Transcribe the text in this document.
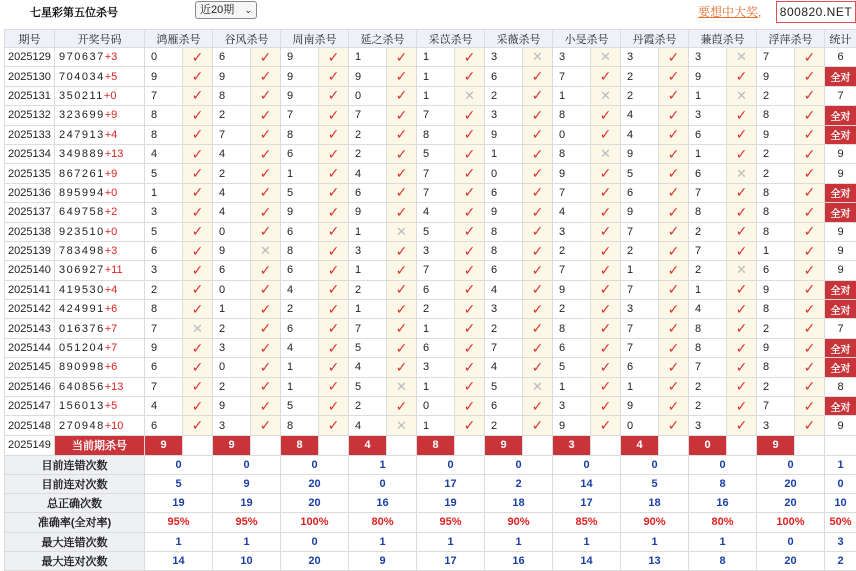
七星彩第五位杀号	近20期 ⌄	要想中大奖,	800820.NET
期号	开奖号码	鸿雁杀号		谷风杀号		周南杀号		延之杀号		采苡杀号		采薇杀号		小旻杀号		丹霞杀号		蒹葭杀号		浮萍杀号		统计
2025129	970637+3	0	✓	6	✓	9	✓	1	✓	1	✓	3	✕	3	✕	3	✓	3	✕	7	✓	6
2025130	704034+5	9	✓	9	✓	9	✓	9	✓	1	✓	6	✓	7	✓	2	✓	9	✓	9	✓	全对
2025131	350211+0	7	✓	8	✓	9	✓	0	✓	1	✕	2	✓	1	✕	2	✓	1	✕	2	✓	7
2025132	323699+9	8	✓	2	✓	7	✓	7	✓	7	✓	3	✓	8	✓	4	✓	3	✓	8	✓	全对
2025133	247913+4	8	✓	7	✓	8	✓	2	✓	8	✓	9	✓	0	✓	4	✓	6	✓	9	✓	全对
2025134	349889+13	4	✓	4	✓	6	✓	2	✓	5	✓	1	✓	8	✕	9	✓	1	✓	2	✓	9
2025135	867261+9	5	✓	2	✓	1	✓	4	✓	7	✓	0	✓	9	✓	5	✓	6	✕	2	✓	9
2025136	895994+0	1	✓	4	✓	5	✓	6	✓	7	✓	6	✓	7	✓	6	✓	7	✓	8	✓	全对
2025137	649758+2	3	✓	4	✓	9	✓	9	✓	4	✓	9	✓	4	✓	9	✓	8	✓	8	✓	全对
2025138	923510+0	5	✓	0	✓	6	✓	1	✕	5	✓	8	✓	3	✓	7	✓	2	✓	8	✓	9
2025139	783498+3	6	✓	9	✕	8	✓	3	✓	3	✓	8	✓	2	✓	2	✓	7	✓	1	✓	9
2025140	306927+11	3	✓	6	✓	6	✓	1	✓	7	✓	6	✓	7	✓	1	✓	2	✕	6	✓	9
2025141	419530+4	2	✓	0	✓	4	✓	2	✓	6	✓	4	✓	9	✓	7	✓	1	✓	9	✓	全对
2025142	424991+6	8	✓	1	✓	2	✓	1	✓	2	✓	3	✓	2	✓	3	✓	4	✓	8	✓	全对
2025143	016376+7	7	✕	2	✓	6	✓	7	✓	1	✓	2	✓	8	✓	7	✓	8	✓	2	✓	7
2025144	051204+7	9	✓	3	✓	4	✓	5	✓	6	✓	7	✓	6	✓	7	✓	8	✓	9	✓	全对
2025145	890998+6	6	✓	0	✓	1	✓	4	✓	3	✓	4	✓	5	✓	6	✓	7	✓	8	✓	全对
2025146	640856+13	7	✓	2	✓	1	✓	5	✕	1	✓	5	✕	1	✓	1	✓	2	✓	2	✓	8
2025147	156013+5	4	✓	9	✓	5	✓	2	✓	0	✓	6	✓	3	✓	9	✓	2	✓	7	✓	全对
2025148	270948+10	6	✓	3	✓	8	✓	4	✕	1	✓	2	✓	9	✓	0	✓	3	✓	3	✓	9
2025149	当前期杀号	9		9		8		4		8		9		3		4		0		9		
目前连错次数		0		0		0		1		0		0		0		0		0		0		1
目前连对次数		5		9		20		0		17		2		14		5		8		20		0
总正确次数		19		19		20		16		19		18		17		18		16		20		10
准确率(全对率)		95%		95%		100%		80%		95%		90%		85%		90%		80%		100%		50%
最大连错次数		1		1		0		1		1		1		1		1		1		0		3
最大连对次数		14		10		20		9		17		16		14		13		8		20		2
